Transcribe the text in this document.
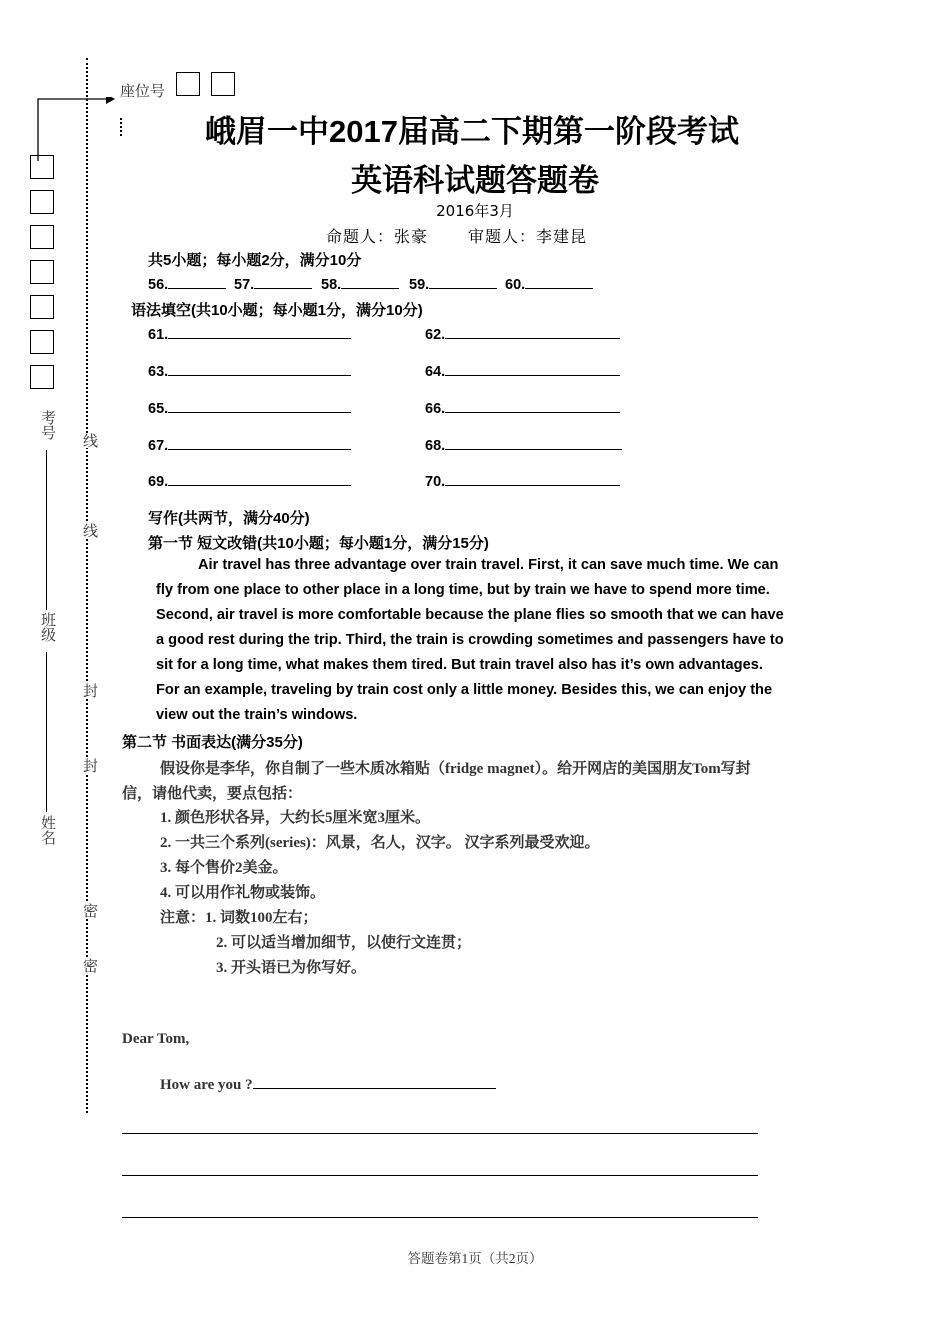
座位号
考号
班级
姓名
密
密
封
封
线
线
峨眉一中2017届高二下期第一阶段考试
英语科试题答题卷
2016年3月
命题人：张豪        审题人：李建昆
共5小题；每小题2分，满分10分
56.	57.	58.	59.	60.
语法填空(共10小题；每小题1分，满分10分)
61.	62.
63.	64.
65.	66.
67.	68.
69.	70.
写作(共两节，满分40分)
第一节 短文改错(共10小题；每小题1分，满分15分)
Air travel has three advantage over train travel. First, it can save much time. We can
fly from one place to other place in a long time, but by train we have to spend more time.
Second, air travel is more comfortable because the plane flies so smooth that we can have
a good rest during the trip. Third, the train is crowding sometimes and passengers have to
sit for a long time, what makes them tired. But train travel also has it’s own advantages.
For an example, traveling by train cost only a little money. Besides this, we can enjoy the
view out the train’s windows.
第二节 书面表达(满分35分)
假设你是李华，你自制了一些木质冰箱贴（fridge magnet）。给开网店的美国朋友Tom写封
信，请他代卖，要点包括：
1. 颜色形状各异，大约长5厘米宽3厘米。
2. 一共三个系列(series)：风景，名人，汉字。 汉字系列最受欢迎。
3. 每个售价2美金。
4. 可以用作礼物或装饰。
注意：1. 词数100左右；
2. 可以适当增加细节，以使行文连贯；
3. 开头语已为你写好。
Dear Tom,
How are you ?
答题卷第1页（共2页）
